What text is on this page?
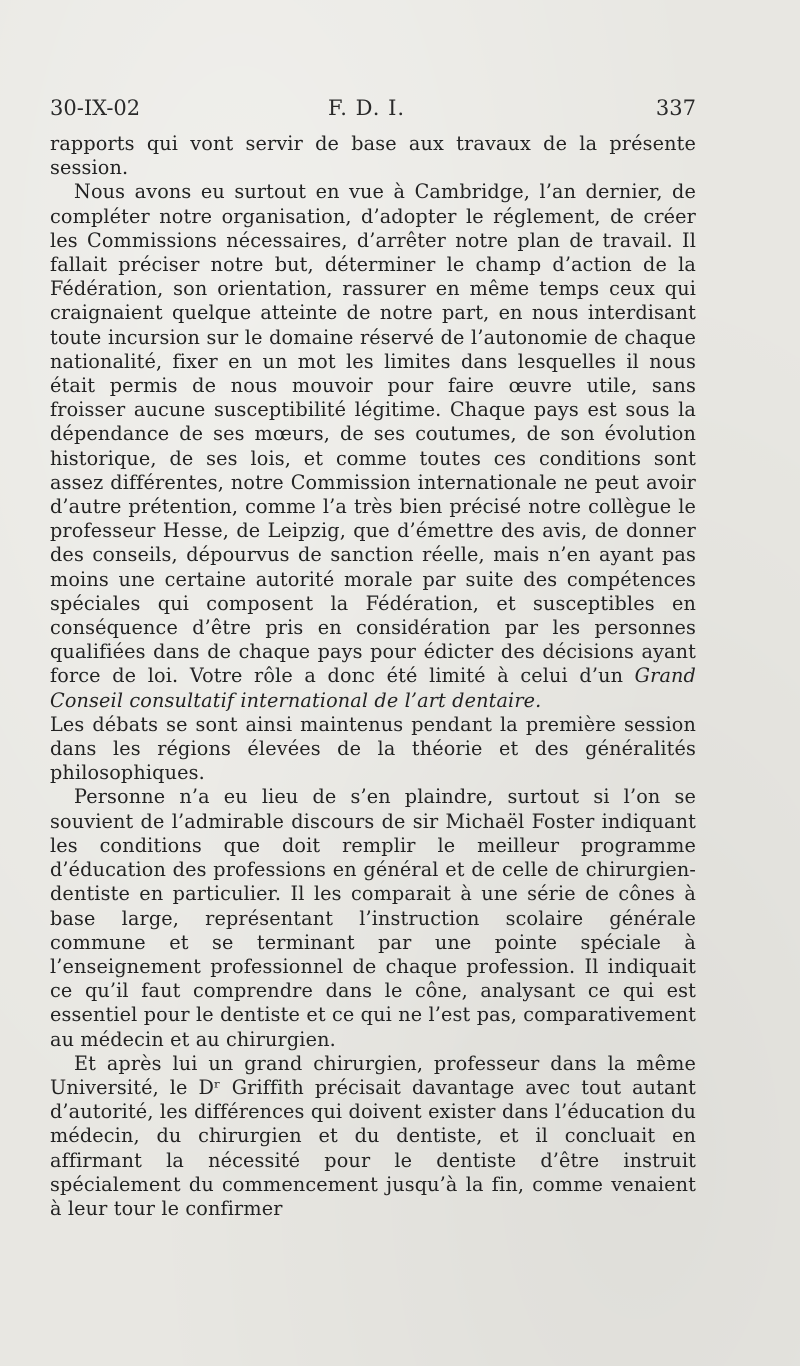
30-IX-02	F. D. I.	337

rapports qui vont servir de base aux travaux de la présente session.

Nous avons eu surtout en vue à Cambridge, l’an dernier, de compléter notre organisation, d’adopter le réglement, de créer les Commissions nécessaires, d’arrêter notre plan de travail. Il fallait préciser notre but, déterminer le champ d’action de la Fédération, son orientation, rassurer en même temps ceux qui craignaient quelque atteinte de notre part, en nous interdisant toute incursion sur le domaine réservé de l’autonomie de chaque nationalité, fixer en un mot les limites dans lesquelles il nous était permis de nous mouvoir pour faire œuvre utile, sans froisser aucune susceptibilité légitime. Chaque pays est sous la dépendance de ses mœurs, de ses coutumes, de son évolution historique, de ses lois, et comme toutes ces conditions sont assez différentes, notre Commission internationale ne peut avoir d’autre prétention, comme l’a très bien précisé notre collègue le professeur Hesse, de Leipzig, que d’émettre des avis, de donner des conseils, dépourvus de sanction réelle, mais n’en ayant pas moins une certaine autorité morale par suite des compétences spéciales qui composent la Fédération, et susceptibles en conséquence d’être pris en considération par les personnes qualifiées dans de chaque pays pour édicter des décisions ayant force de loi. Votre rôle a donc été limité à celui d’un Grand Conseil consultatif international de l’art dentaire.

Les débats se sont ainsi maintenus pendant la première session dans les régions élevées de la théorie et des généralités philosophiques.

Personne n’a eu lieu de s’en plaindre, surtout si l’on se souvient de l’admirable discours de sir Michaël Foster indiquant les conditions que doit remplir le meilleur programme d’éducation des professions en général et de celle de chirurgien-dentiste en particulier. Il les comparait à une série de cônes à base large, représentant l’instruction scolaire générale commune et se terminant par une pointe spéciale à l’enseignement professionnel de chaque profession. Il indiquait ce qu’il faut comprendre dans le cône, analysant ce qui est essentiel pour le dentiste et ce qui ne l’est pas, comparativement au médecin et au chirurgien.

Et après lui un grand chirurgien, professeur dans la même Université, le Dʳ Griffith précisait davantage avec tout autant d’autorité, les différences qui doivent exister dans l’éducation du médecin, du chirurgien et du dentiste, et il concluait en affirmant la nécessité pour le dentiste d’être instruit spécialement du commencement jusqu’à la fin, comme venaient à leur tour le confirmer
